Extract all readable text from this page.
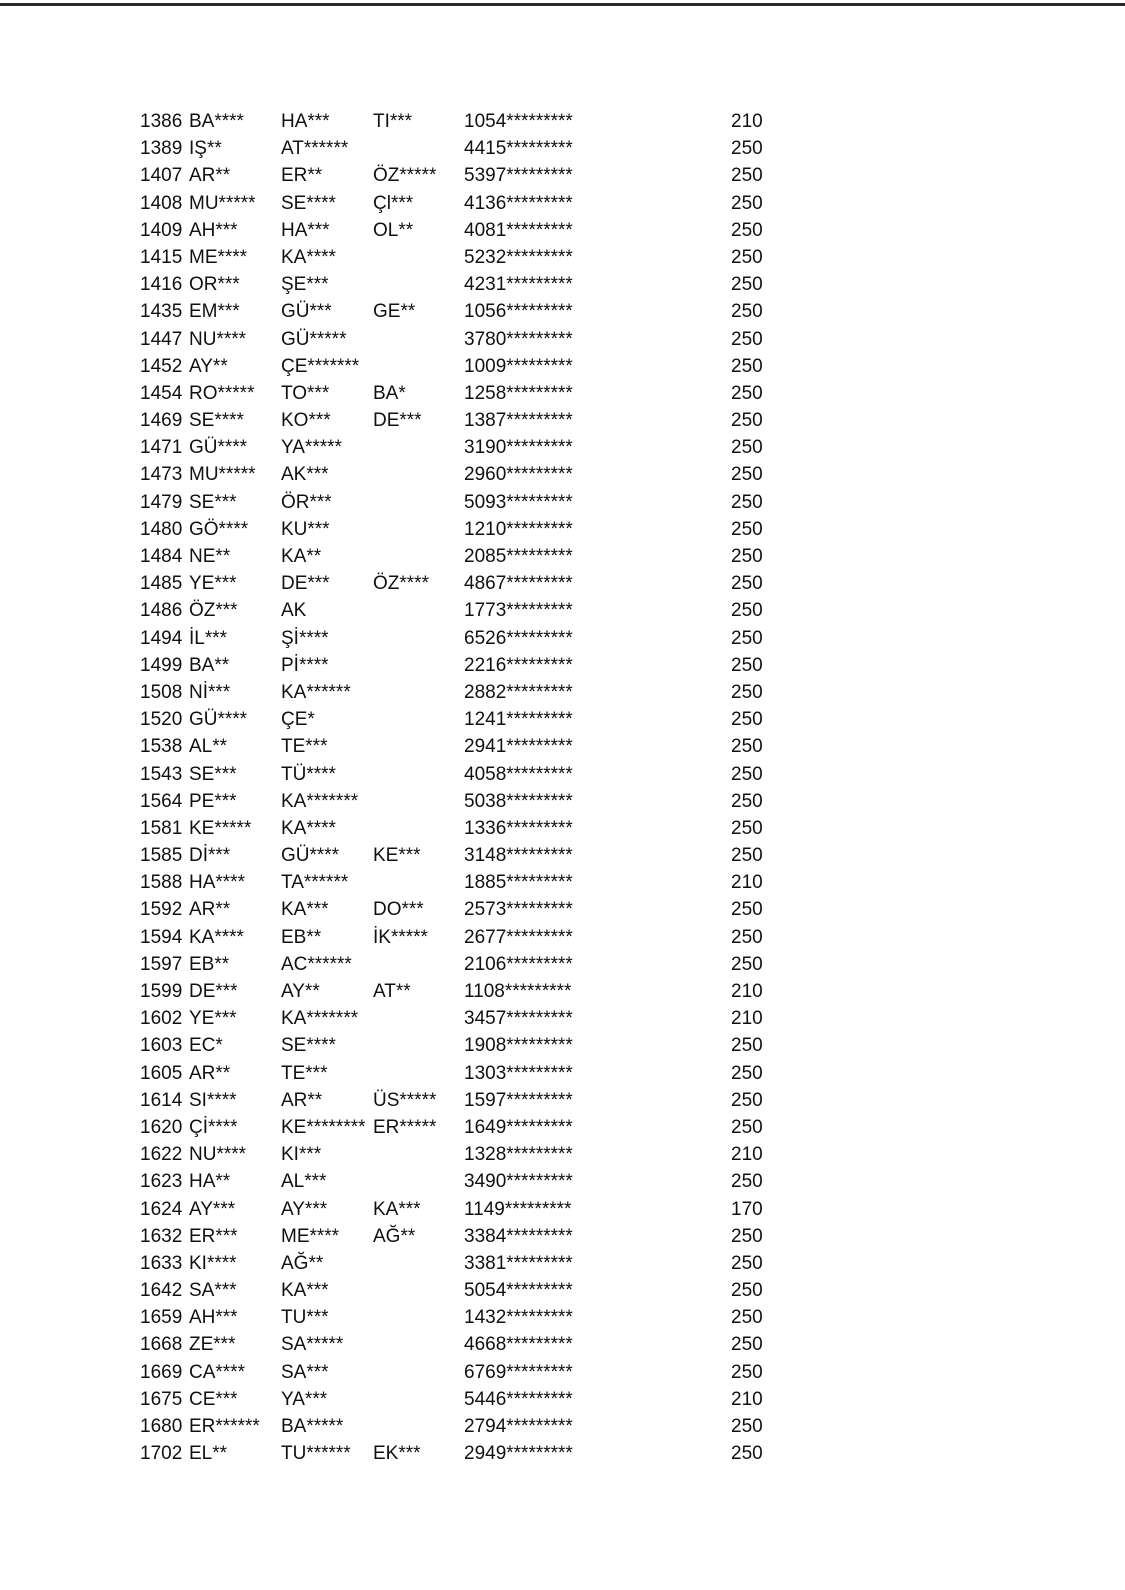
1386 BA****	HA***	TI***	1054*********	210
1389 IŞ**	AT******	4415*********	250
1407 AR**	ER**	ÖZ*****	5397*********	250
1408 MU*****	SE****	Çl***	4136*********	250
1409 AH***	HA***	OL**	4081*********	250
1415 ME****	KA****	5232*********	250
1416 OR***	ŞE***	4231*********	250
1435 EM***	GÜ***	GE**	1056*********	250
1447 NU****	GÜ*****	3780*********	250
1452 AY**	ÇE*******	1009*********	250
1454 RO*****	TO***	BA*	1258*********	250
1469 SE****	KO***	DE***	1387*********	250
1471 GÜ****	YA*****	3190*********	250
1473 MU*****	AK***	2960*********	250
1479 SE***	ÖR***	5093*********	250
1480 GÖ****	KU***	1210*********	250
1484 NE**	KA**	2085*********	250
1485 YE***	DE***	ÖZ****	4867*********	250
1486 ÖZ***	AK	1773*********	250
1494 İL***	Şİ****	6526*********	250
1499 BA**	Pİ****	2216*********	250
1508 Nİ***	KA******	2882*********	250
1520 GÜ****	ÇE*	1241*********	250
1538 AL**	TE***	2941*********	250
1543 SE***	TÜ****	4058*********	250
1564 PE***	KA*******	5038*********	250
1581 KE*****	KA****	1336*********	250
1585 Dİ***	GÜ****	KE***	3148*********	250
1588 HA****	TA******	1885*********	210
1592 AR**	KA***	DO***	2573*********	250
1594 KA****	EB**	İK*****	2677*********	250
1597 EB**	AC******	2106*********	250
1599 DE***	AY**	AT**	1108*********	210
1602 YE***	KA*******	3457*********	210
1603 EC*	SE****	1908*********	250
1605 AR**	TE***	1303*********	250
1614 SI****	AR**	ÜS*****	1597*********	250
1620 Çİ****	KE******** ER*****	1649*********	250
1622 NU****	KI***	1328*********	210
1623 HA**	AL***	3490*********	250
1624 AY***	AY***	KA***	1149*********	170
1632 ER***	ME****	AĞ**	3384*********	250
1633 KI****	AĞ**	3381*********	250
1642 SA***	KA***	5054*********	250
1659 AH***	TU***	1432*********	250
1668 ZE***	SA*****	4668*********	250
1669 CA****	SA***	6769*********	250
1675 CE***	YA***	5446*********	210
1680 ER******	BA*****	2794*********	250
1702 EL**	TU******	EK***	2949*********	250
